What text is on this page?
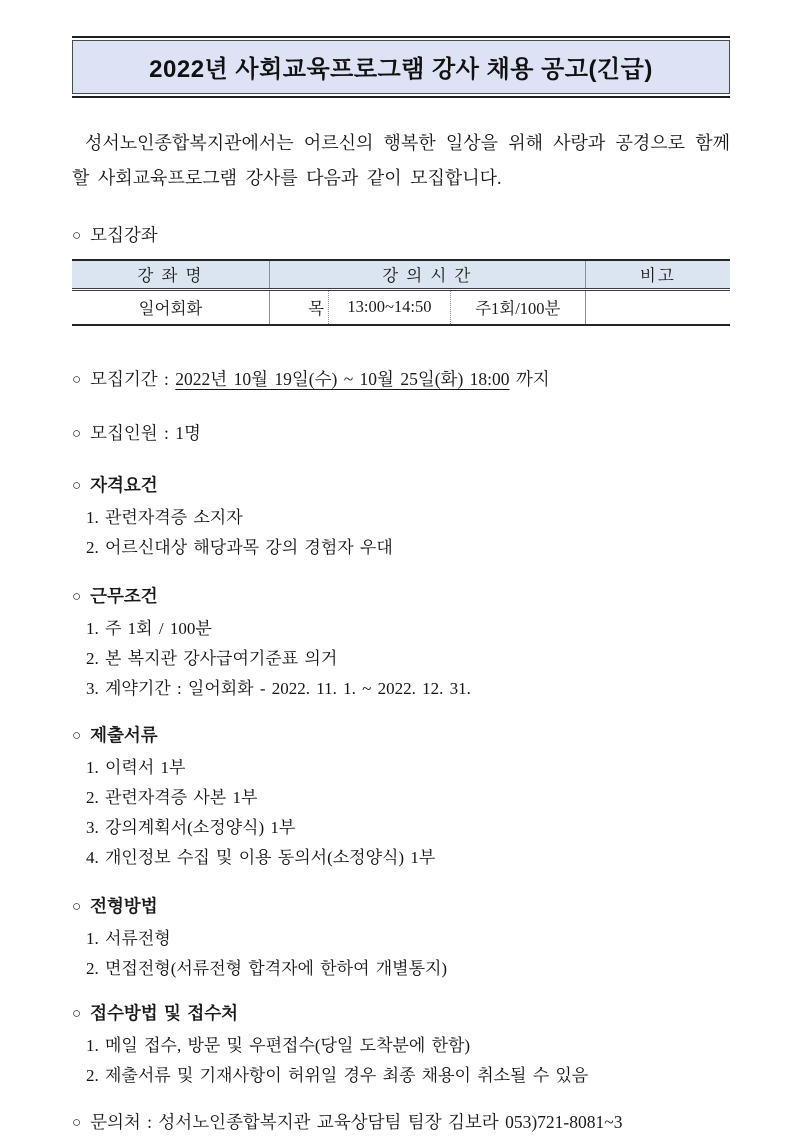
2022년 사회교육프로그램 강사 채용 공고(긴급)

성서노인종합복지관에서는 어르신의 행복한 일상을 위해 사랑과 공경으로 함께할 사회교육프로그램 강사를 다음과 같이 모집합니다.

○ 모집강좌
강 좌 명	강 의 시 간			비고
일어회화	목	13:00~14:50	주1회/100분	
○ 모집기간 : 2022년 10월 19일(수) ~ 10월 25일(화) 18:00 까지
○ 모집인원 : 1명
○ 자격요건
1. 관련자격증 소지자
2. 어르신대상 해당과목 강의 경험자 우대
○ 근무조건
1. 주 1회 / 100분
2. 본 복지관 강사급여기준표 의거
3. 계약기간 : 일어회화 - 2022. 11. 1. ~ 2022. 12. 31.
○ 제출서류
1. 이력서 1부
2. 관련자격증 사본 1부
3. 강의계획서(소정양식) 1부
4. 개인정보 수집 및 이용 동의서(소정양식) 1부
○ 전형방법
1. 서류전형
2. 면접전형(서류전형 합격자에 한하여 개별통지)
○ 접수방법 및 접수처
1. 메일 접수, 방문 및 우편접수(당일 도착분에 한함)
2. 제출서류 및 기재사항이 허위일 경우 최종 채용이 취소될 수 있음
○ 문의처 : 성서노인종합복지관 교육상담팀 팀장 김보라 053)721-8081~3
